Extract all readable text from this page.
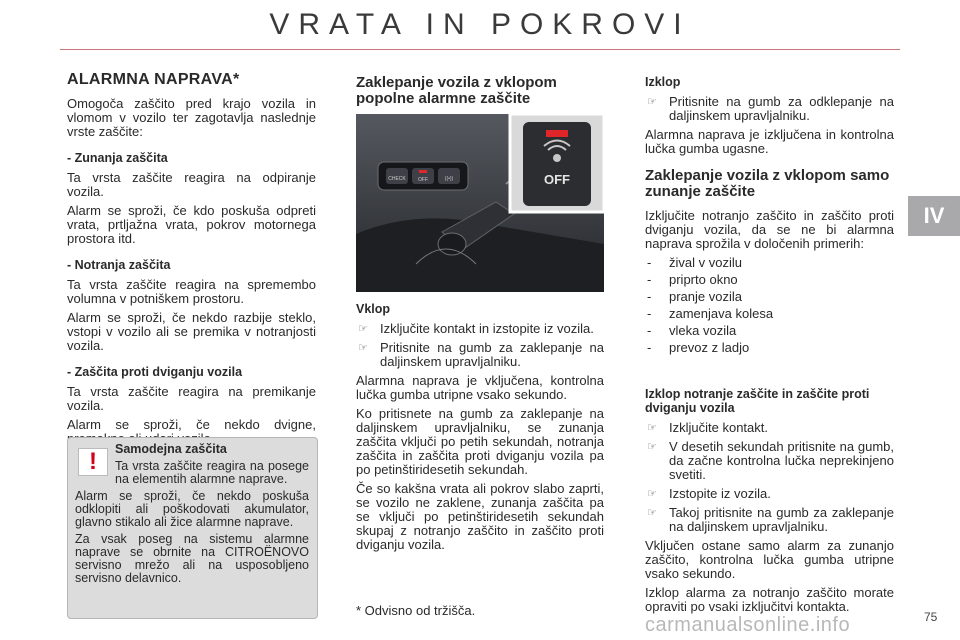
VRATA IN POKROVI
IV
ALARMNA NAPRAVA*

Omogoča zaščito pred krajo vozila in vlomom v vozilo ter zagotavlja naslednje vrste zaščite:

- Zunanja zaščita

Ta vrsta zaščite reagira na odpiranje vozila.

Alarm se sproži, če kdo poskuša odpreti vrata, prtljažna vrata, pokrov motornega prostora itd.

- Notranja zaščita

Ta vrsta zaščite reagira na spremembo volumna v potniškem prostoru.

Alarm se sproži, če nekdo razbije steklo, vstopi v vozilo ali se premika v notranjosti vozila.

- Zaščita proti dviganju vozila

Ta vrsta zaščite reagira na premikanje vozila.

Alarm se sproži, če nekdo dvigne,

!	Samodejna zaščita

Ta vrsta zaščite reagira na posege na elementih alarmne naprave.

Alarm se sproži, če nekdo poskuša odklopiti ali poškodovati akumulator, glavno stikalo ali žice alarmne naprave.

Za vsak poseg na sistemu alarmne naprave se obrnite na CITROËNOVO servisno mrežo ali na usposobljeno servisno delavnico.

Zaklepanje vozila z vklopom popolne alarmne zaščite
CHECK OFF	((•))	OFF
Vklop
☞ Izključite kontakt in izstopite iz vozila.
☞ Pritisnite na gumb za zaklepanje na daljinskem upravljalniku.

Alarmna naprava je vključena, kontrolna lučka gumba utripne vsako sekundo.

Ko pritisnete na gumb za zaklepanje na daljinskem upravljalniku, se zunanja zaščita vključi po petih sekundah, notranja zaščita in zaščita proti dviganju vozila pa po petinštiridesetih sekundah.

Če so kakšna vrata ali pokrov slabo zaprti, se vozilo ne zaklene, zunanja zaščita pa se vključi po petinštiridesetih sekundah skupaj z notranjo zaščito in zaščito proti dviganju vozila.

* Odvisno od tržišča.
Izklop
☞ Pritisnite na gumb za odklepanje na daljinskem upravljalniku.

Alarmna naprava je izključena in kontrolna lučka gumba ugasne.

Zaklepanje vozila z vklopom samo zunanje zaščite

Izključite notranjo zaščito in zaščito proti dviganju vozila, da se ne bi alarmna naprava sprožila v določenih primerih:

- žival v vozilu
- priprto okno
- pranje vozila
- zamenjava kolesa
- vleka vozila
- prevoz z ladjo
Izklop notranje zaščite in zaščite proti dviganju vozila
☞ Izključite kontakt.
☞ V desetih sekundah pritisnite na gumb, da začne kontrolna lučka neprekinjeno svetiti.
☞ Izstopite iz vozila.
☞ Takoj pritisnite na gumb za zaklepanje na daljinskem upravljalniku.

Vključen ostane samo alarm za zunanjo zaščito, kontrolna lučka gumba utripne vsako sekundo.

Izklop alarma za notranjo zaščito morate opraviti po vsaki izključitvi kontakta.

carmanualsonline.info	75
